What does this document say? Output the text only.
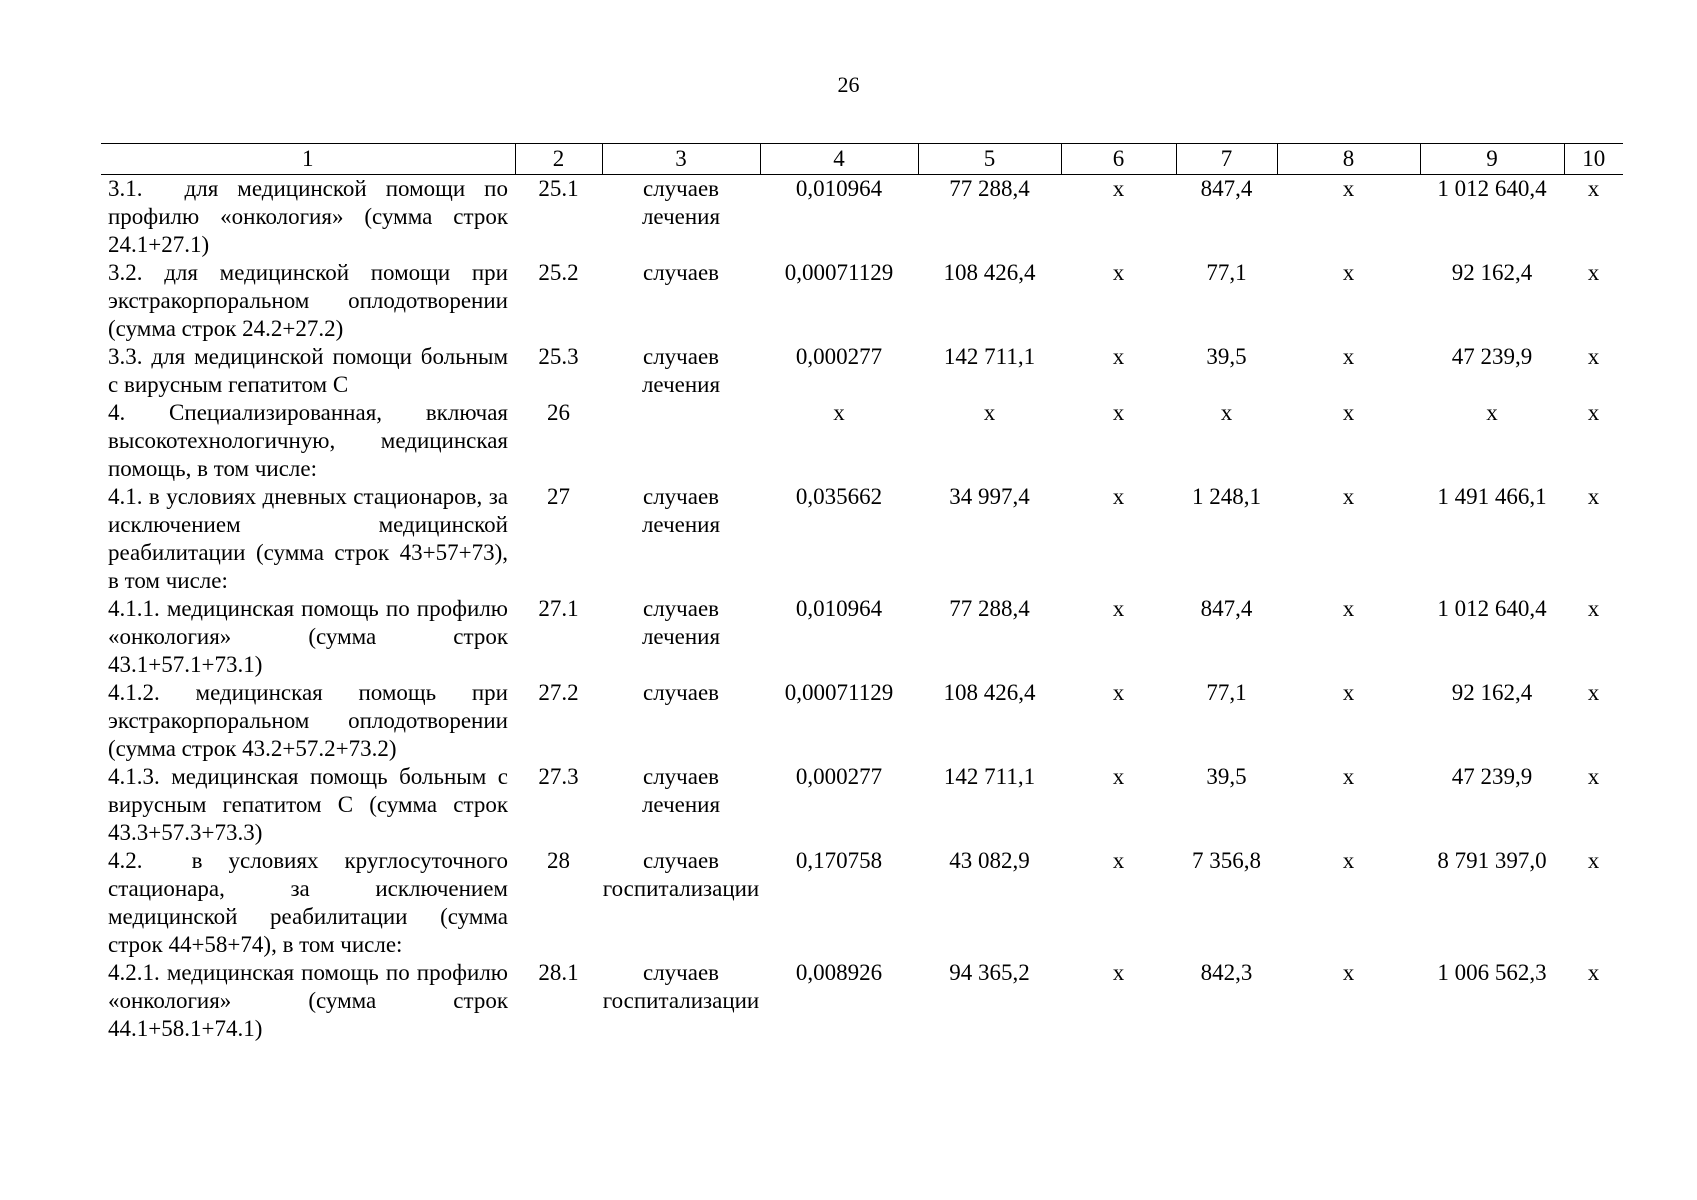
26
1	2	3	4	5	6	7	8	9	10
3.1.  для медицинской помощи по профилю «онкология» (сумма строк 24.1+27.1)	25.1	случаев лечения	0,010964	77 288,4	х	847,4	х	1 012 640,4	х
3.2. для медицинской помощи при экстракорпоральном оплодотворении (сумма строк 24.2+27.2)	25.2	случаев	0,00071129	108 426,4	х	77,1	х	92 162,4	х
3.3. для медицинской помощи больным с вирусным гепатитом С	25.3	случаев лечения	0,000277	142 711,1	х	39,5	х	47 239,9	х
4. Специализированная, включая высокотехнологичную, медицинская помощь, в том числе:	26		х	х	х	х	х	х	х
4.1. в условиях дневных стационаров, за исключением медицинской реабилитации (сумма строк 43+57+73), в том числе:	27	случаев лечения	0,035662	34 997,4	х	1 248,1	х	1 491 466,1	х
4.1.1. медицинская помощь по профилю «онкология» (сумма строк 43.1+57.1+73.1)	27.1	случаев лечения	0,010964	77 288,4	х	847,4	х	1 012 640,4	х
4.1.2. медицинская помощь при экстракорпоральном оплодотворении (сумма строк 43.2+57.2+73.2)	27.2	случаев	0,00071129	108 426,4	х	77,1	х	92 162,4	х
4.1.3. медицинская помощь больным с вирусным гепатитом С (сумма строк 43.3+57.3+73.3)	27.3	случаев лечения	0,000277	142 711,1	х	39,5	х	47 239,9	х
4.2.  в условиях круглосуточного стационара, за исключением медицинской реабилитации (сумма строк 44+58+74), в том числе:	28	случаев госпитализации	0,170758	43 082,9	х	7 356,8	х	8 791 397,0	х
4.2.1. медицинская помощь по профилю «онкология» (сумма строк 44.1+58.1+74.1)	28.1	случаев госпитализации	0,008926	94 365,2	х	842,3	х	1 006 562,3	х
